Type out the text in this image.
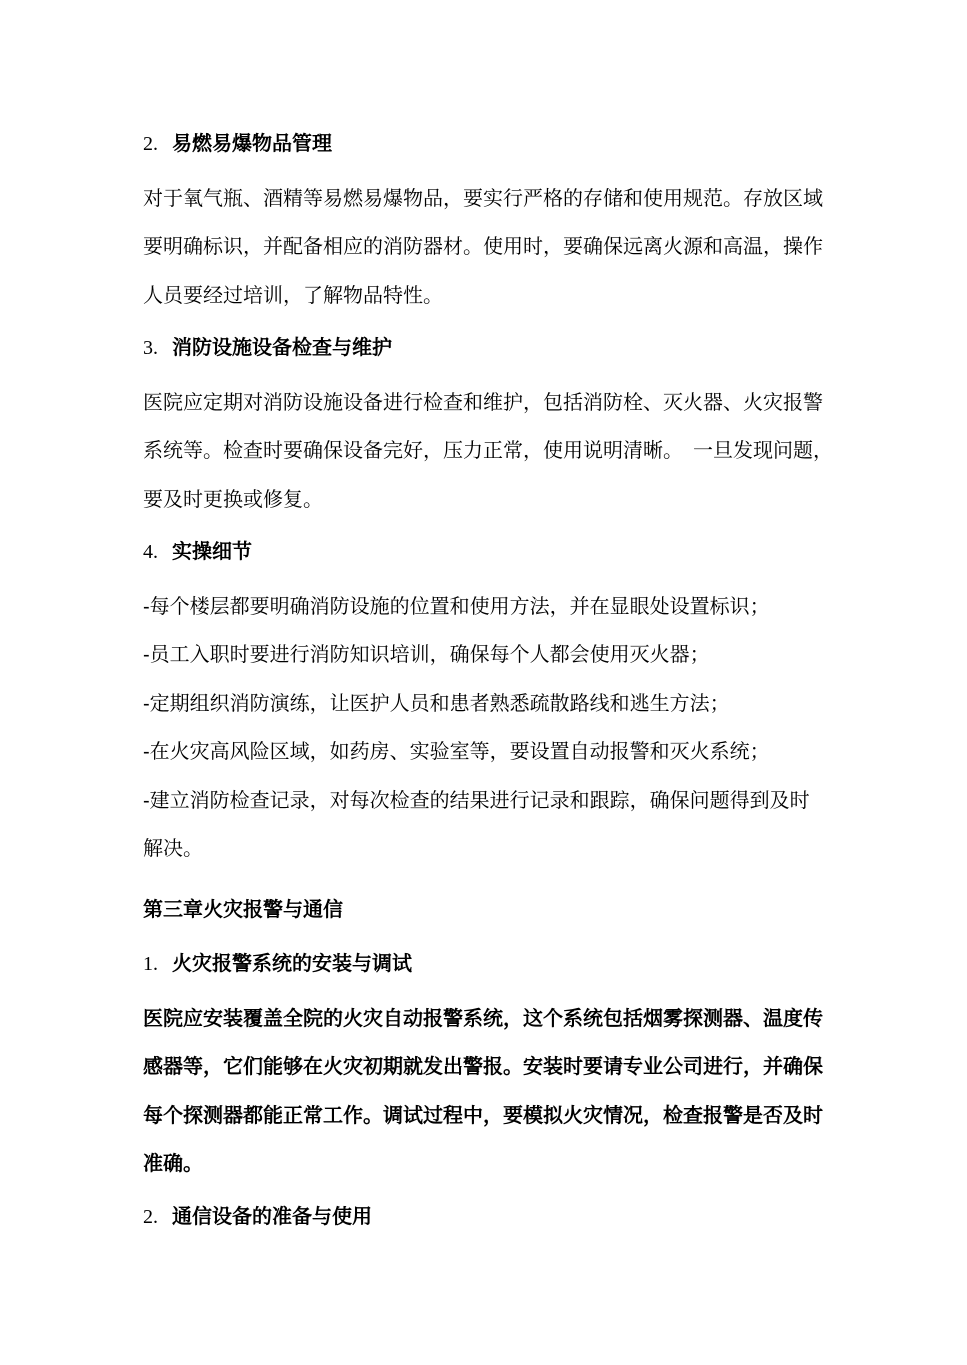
2. 易燃易爆物品管理
对于氧气瓶、酒精等易燃易爆物品，要实行严格的存储和使用规范。存放区域
要明确标识，并配备相应的消防器材。使用时，要确保远离火源和高温，操作
人员要经过培训，了解物品特性。
3. 消防设施设备检查与维护
医院应定期对消防设施设备进行检查和维护，包括消防栓、灭火器、火灾报警
系统等。检查时要确保设备完好，压力正常，使用说明清晰。　一旦发现问题，
要及时更换或修复。
4. 实操细节
-每个楼层都要明确消防设施的位置和使用方法，并在显眼处设置标识；
-员工入职时要进行消防知识培训，确保每个人都会使用灭火器；
-定期组织消防演练，让医护人员和患者熟悉疏散路线和逃生方法；
-在火灾高风险区域，如药房、实验室等，要设置自动报警和灭火系统；
-建立消防检查记录，对每次检查的结果进行记录和跟踪，确保问题得到及时
解决。
第三章火灾报警与通信
1. 火灾报警系统的安装与调试
医院应安装覆盖全院的火灾自动报警系统，这个系统包括烟雾探测器、温度传
感器等，它们能够在火灾初期就发出警报。安装时要请专业公司进行，并确保
每个探测器都能正常工作。调试过程中，要模拟火灾情况，检查报警是否及时
准确。
2. 通信设备的准备与使用
